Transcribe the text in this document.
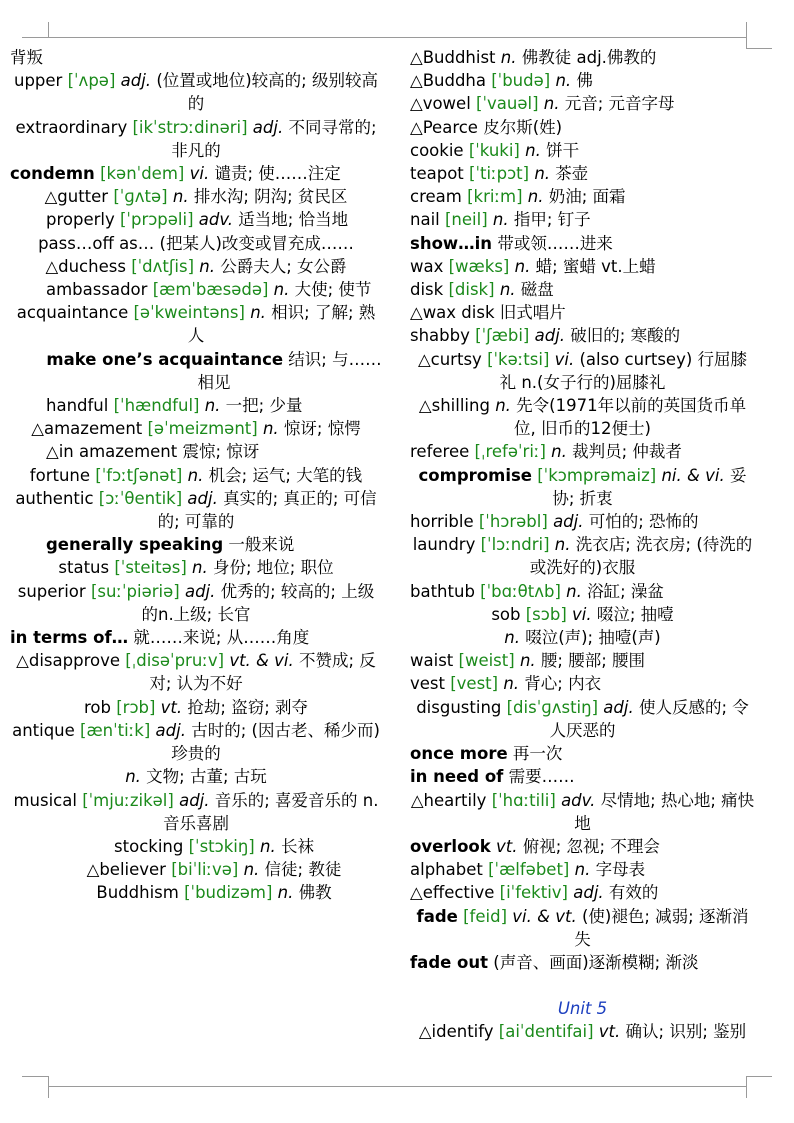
背叛
upper [ˈʌpə] adj. (位置或地位)较高的; 级别较高的
extraordinary [ikˈstrɔːdinəri] adj. 不同寻常的; 非凡的
condemn [kənˈdem] vi. 谴责; 使……注定
△gutter [ˈɡʌtə] n. 排水沟; 阴沟; 贫民区
properly [ˈprɔpəli] adv. 适当地; 恰当地
pass…off as… (把某人)改变或冒充成……
△duchess [ˈdʌtʃis] n. 公爵夫人; 女公爵
ambassador [æmˈbæsədə] n. 大使; 使节
acquaintance [əˈkweintəns] n. 相识; 了解; 熟人
make one’s acquaintance 结识; 与……相见
handful [ˈhændful] n. 一把; 少量
△amazement [əˈmeizmənt] n. 惊讶; 惊愕
△in amazement 震惊; 惊讶
fortune [ˈfɔːtʃənət] n. 机会; 运气; 大笔的钱
authentic [ɔːˈθentik] adj. 真实的; 真正的; 可信的; 可靠的
generally speaking 一般来说
status [ˈsteitəs] n. 身份; 地位; 职位
superior [suːˈpiəriə] adj. 优秀的; 较高的; 上级的n.上级; 长官
in terms of… 就……来说; 从……角度
△disapprove [ˌdisəˈpruːv] vt. & vi. 不赞成; 反对; 认为不好
rob [rɔb] vt. 抢劫; 盗窃; 剥夺
antique [ænˈtiːk] adj. 古时的; (因古老、稀少而)珍贵的
n. 文物; 古董; 古玩
musical [ˈmjuːzikəl] adj. 音乐的; 喜爱音乐的 n.音乐喜剧
stocking [ˈstɔkiŋ] n. 长袜
△believer [biˈliːvə] n. 信徒; 教徒
Buddhism [ˈbudizəm] n. 佛教
△Buddhist n. 佛教徒 adj.佛教的
△Buddha [ˈbudə] n. 佛
△vowel [ˈvauəl] n. 元音; 元音字母
△Pearce 皮尔斯(姓)
cookie [ˈkuki] n. 饼干
teapot [ˈtiːpɔt] n. 茶壶
cream [kriːm] n. 奶油; 面霜
nail [neil] n. 指甲; 钉子
show…in 带或领……进来
wax [wæks] n. 蜡; 蜜蜡 vt.上蜡
disk [disk] n. 磁盘
△wax disk 旧式唱片
shabby [ˈʃæbi] adj. 破旧的; 寒酸的
△curtsy [ˈkəːtsi] vi. (also curtsey) 行屈膝礼 n.(女子行的)屈膝礼
△shilling n. 先令(1971年以前的英国货币单位, 旧币的12便士)
referee [ˌrefəˈriː] n. 裁判员; 仲裁者
compromise [ˈkɔmprəmaiz] ni. & vi. 妥协; 折衷
horrible [ˈhɔrəbl] adj. 可怕的; 恐怖的
laundry [ˈlɔːndri] n. 洗衣店; 洗衣房; (待洗的或洗好的)衣服
bathtub [ˈbɑːθtʌb] n. 浴缸; 澡盆
sob [sɔb] vi. 啜泣; 抽噎
n. 啜泣(声); 抽噎(声)
waist [weist] n. 腰; 腰部; 腰围
vest [vest] n. 背心; 内衣
disgusting [disˈɡʌstiŋ] adj. 使人反感的; 令人厌恶的
once more 再一次
in need of 需要……
△heartily [ˈhɑːtili] adv. 尽情地; 热心地; 痛快地
overlook vt. 俯视; 忽视; 不理会
alphabet [ˈælfəbet] n. 字母表
△effective [iˈfektiv] adj. 有效的
fade [feid] vi. & vt. (使)褪色; 减弱; 逐渐消失
fade out (声音、画面)逐渐模糊; 渐淡
Unit 5
△identify [aiˈdentifai] vt. 确认; 识别; 鉴别
